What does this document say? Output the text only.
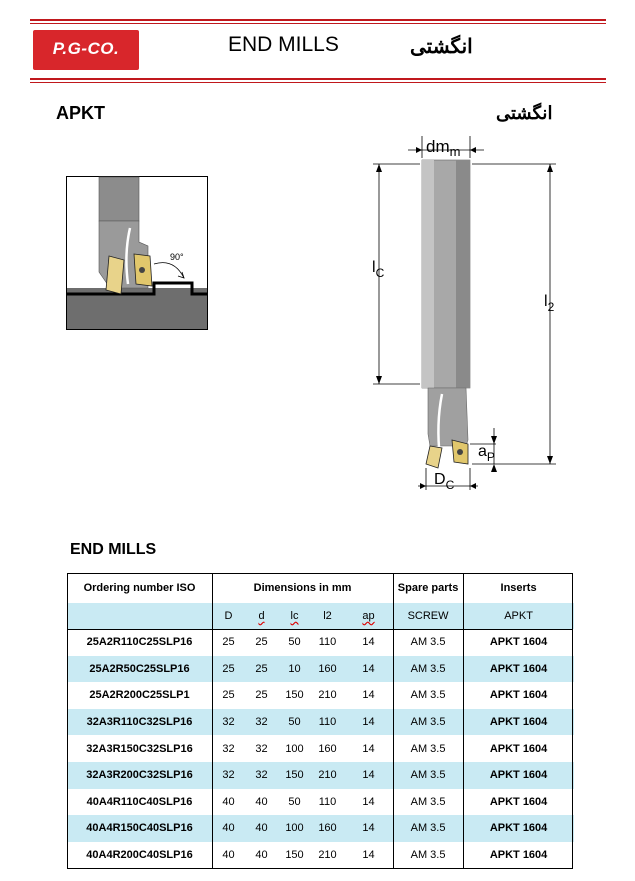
P.G-CO.	END MILLS	انگشتی
APKT	انگشتی
90°
$dm_m$
$l_C$
$l_2$
$a_P$
$D_C$
END MILLS
Ordering number ISO	Dimensions in mm					Spare parts	Inserts
	D	d	lc	l2	ap	SCREW	APKT
25A2R110C25SLP16	25	25	50	110	14	AM 3.5	APKT 1604
25A2R50C25SLP16	25	25	10	160	14	AM 3.5	APKT 1604
25A2R200C25SLP1	25	25	150	210	14	AM 3.5	APKT 1604
32A3R110C32SLP16	32	32	50	110	14	AM 3.5	APKT 1604
32A3R150C32SLP16	32	32	100	160	14	AM 3.5	APKT 1604
32A3R200C32SLP16	32	32	150	210	14	AM 3.5	APKT 1604
40A4R110C40SLP16	40	40	50	110	14	AM 3.5	APKT 1604
40A4R150C40SLP16	40	40	100	160	14	AM 3.5	APKT 1604
40A4R200C40SLP16	40	40	150	210	14	AM 3.5	APKT 1604
